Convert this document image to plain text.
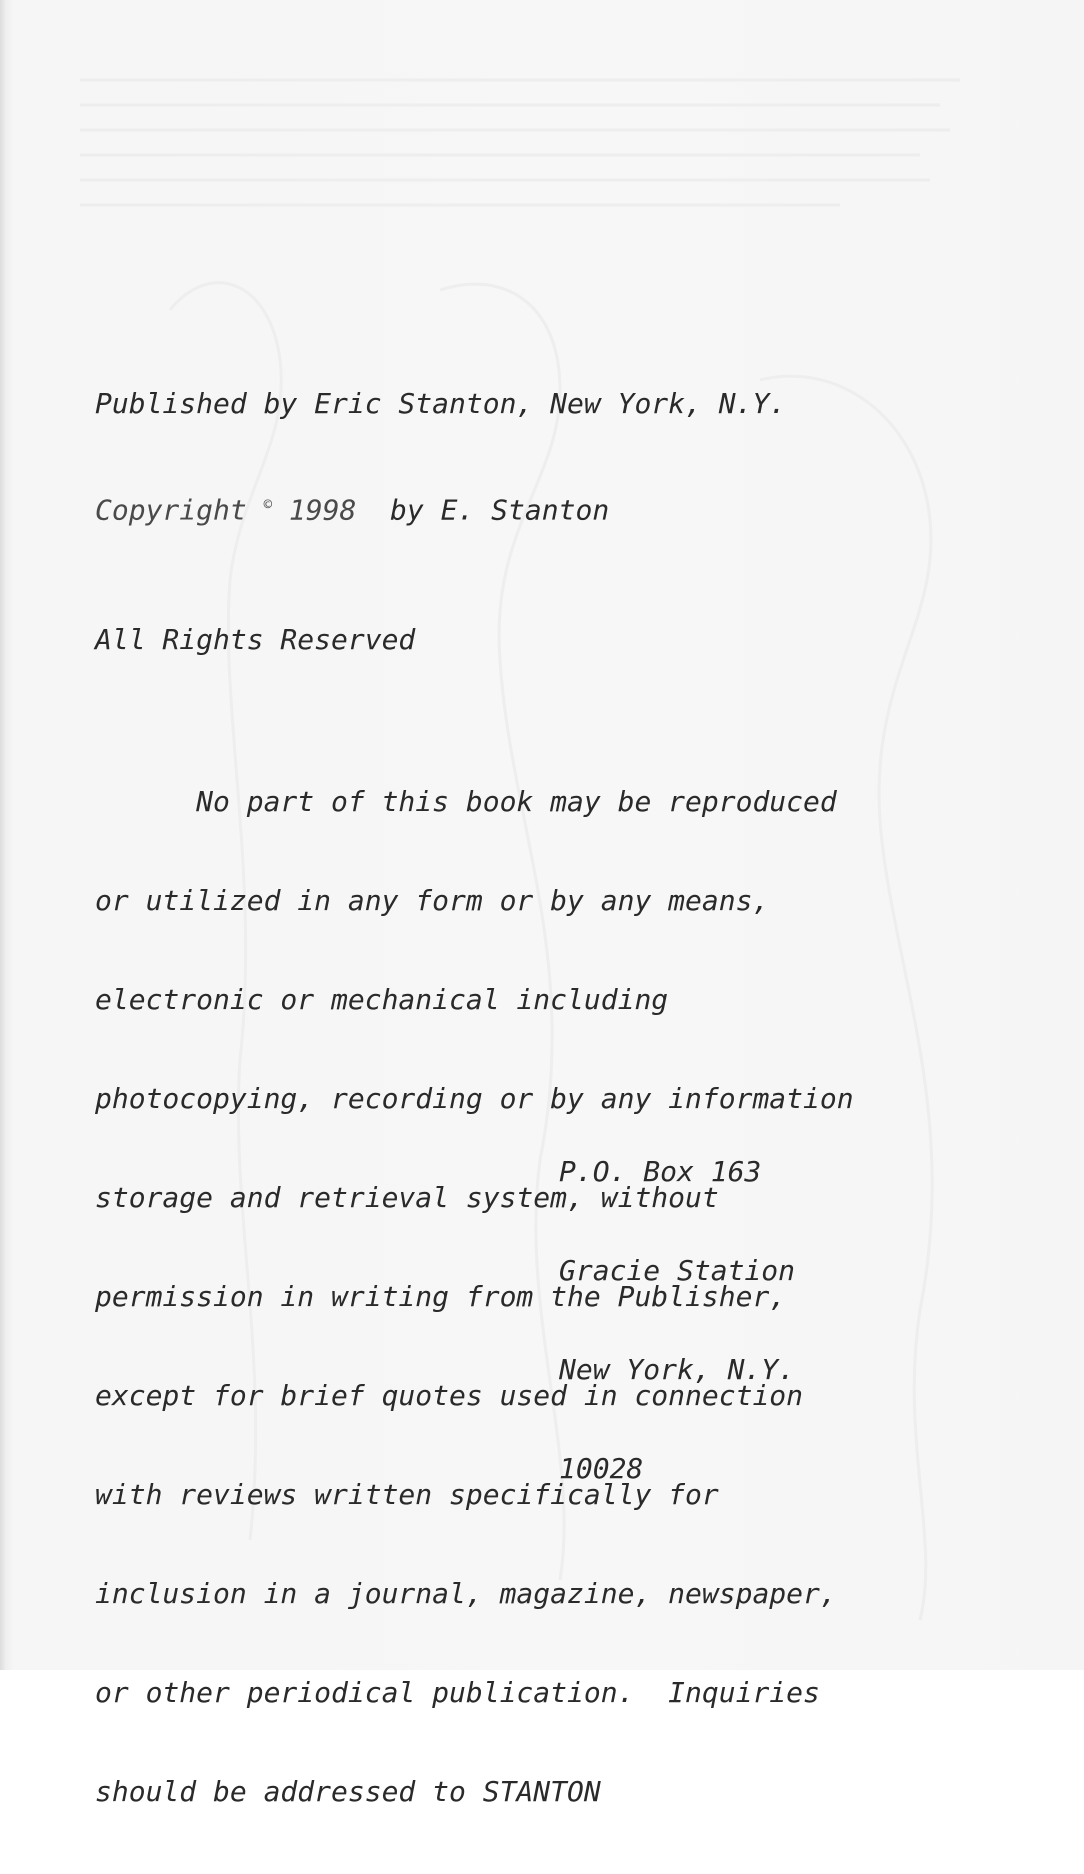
Published by Eric Stanton, New York, N.Y.
Copyright © 1998 by E. Stanton
All Rights Reserved

No part of this book may be reproduced

or utilized in any form or by any means,

electronic or mechanical including

photocopying, recording or by any information

storage and retrieval system, without

permission in writing from the Publisher,

except for brief quotes used in connection

with reviews written specifically for

inclusion in a journal, magazine, newspaper,

or other periodical publication.  Inquiries

should be addressed to STANTON

P.O. Box 163

Gracie Station

New York, N.Y.

10028
